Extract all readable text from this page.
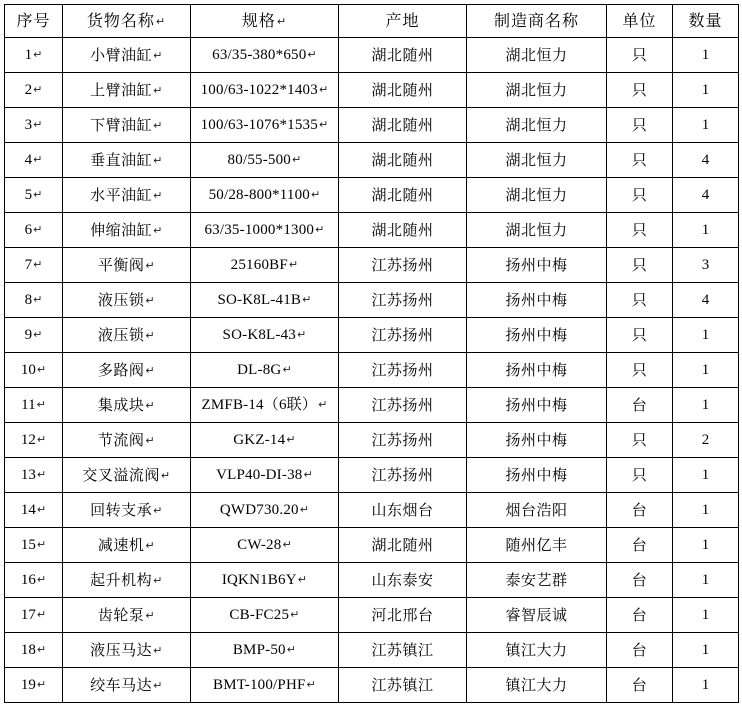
序号	货物名称↵	规格↵	产地	制造商名称	单位	数量
1↵	小臂油缸↵	63/35-380*650↵	湖北随州	湖北恒力	只	1
2↵	上臂油缸↵	100/63-1022*1403↵	湖北随州	湖北恒力	只	1
3↵	下臂油缸↵	100/63-1076*1535↵	湖北随州	湖北恒力	只	1
4↵	垂直油缸↵	80/55-500↵	湖北随州	湖北恒力	只	4
5↵	水平油缸↵	50/28-800*1100↵	湖北随州	湖北恒力	只	4
6↵	伸缩油缸↵	63/35-1000*1300↵	湖北随州	湖北恒力	只	1
7↵	平衡阀↵	25160BF↵	江苏扬州	扬州中梅	只	3
8↵	液压锁↵	SO-K8L-41B↵	江苏扬州	扬州中梅	只	4
9↵	液压锁↵	SO-K8L-43↵	江苏扬州	扬州中梅	只	1
10↵	多路阀↵	DL-8G↵	江苏扬州	扬州中梅	只	1
11↵	集成块↵	ZMFB-14（6联）↵	江苏扬州	扬州中梅	台	1
12↵	节流阀↵	GKZ-14↵	江苏扬州	扬州中梅	只	2
13↵	交叉溢流阀↵	VLP40-DI-38↵	江苏扬州	扬州中梅	只	1
14↵	回转支承↵	QWD730.20↵	山东烟台	烟台浩阳	台	1
15↵	减速机↵	CW-28↵	湖北随州	随州亿丰	台	1
16↵	起升机构↵	IQKN1B6Y↵	山东泰安	泰安艺群	台	1
17↵	齿轮泵↵	CB-FC25↵	河北邢台	睿智辰诚	台	1
18↵	液压马达↵	BMP-50↵	江苏镇江	镇江大力	台	1
19↵	绞车马达↵	BMT-100/PHF↵	江苏镇江	镇江大力	台	1
